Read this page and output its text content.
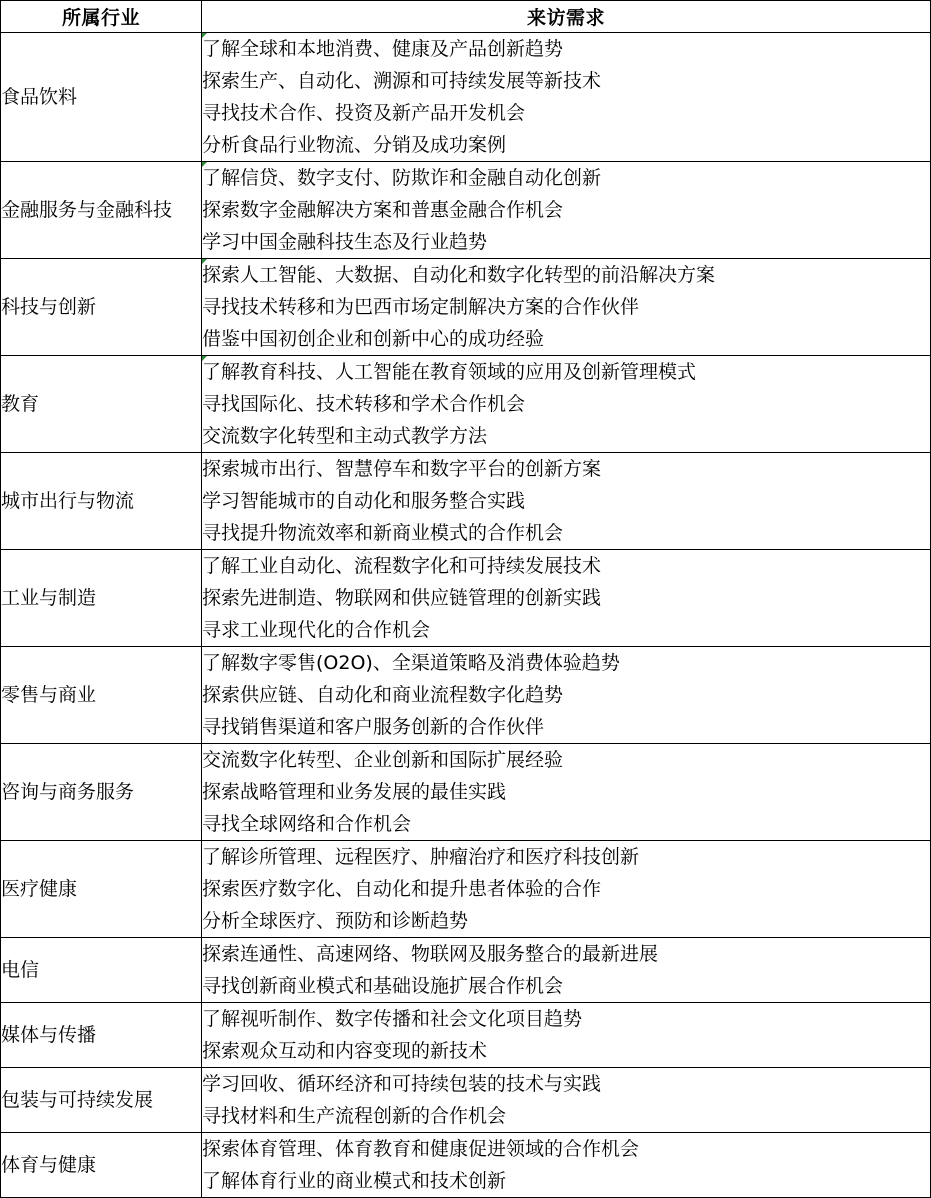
所属行业	来访需求
食品饮料	了解全球和本地消费、健康及产品创新趋势
探索生产、自动化、溯源和可持续发展等新技术
寻找技术合作、投资及新产品开发机会
分析食品行业物流、分销及成功案例

金融服务与金融科技	了解信贷、数字支付、防欺诈和金融自动化创新
探索数字金融解决方案和普惠金融合作机会
学习中国金融科技生态及行业趋势

科技与创新	探索人工智能、大数据、自动化和数字化转型的前沿解决方案
寻找技术转移和为巴西市场定制解决方案的合作伙伴
借鉴中国初创企业和创新中心的成功经验

教育	了解教育科技、人工智能在教育领域的应用及创新管理模式
寻找国际化、技术转移和学术合作机会
交流数字化转型和主动式教学方法

城市出行与物流	探索城市出行、智慧停车和数字平台的创新方案
学习智能城市的自动化和服务整合实践
寻找提升物流效率和新商业模式的合作机会

工业与制造	了解工业自动化、流程数字化和可持续发展技术
探索先进制造、物联网和供应链管理的创新实践
寻求工业现代化的合作机会

零售与商业	了解数字零售(O2O)、全渠道策略及消费体验趋势
探索供应链、自动化和商业流程数字化趋势
寻找销售渠道和客户服务创新的合作伙伴

咨询与商务服务	交流数字化转型、企业创新和国际扩展经验
探索战略管理和业务发展的最佳实践
寻找全球网络和合作机会

医疗健康	了解诊所管理、远程医疗、肿瘤治疗和医疗科技创新
探索医疗数字化、自动化和提升患者体验的合作
分析全球医疗、预防和诊断趋势

电信	探索连通性、高速网络、物联网及服务整合的最新进展
寻找创新商业模式和基础设施扩展合作机会

媒体与传播	了解视听制作、数字传播和社会文化项目趋势
探索观众互动和内容变现的新技术

包装与可持续发展	学习回收、循环经济和可持续包装的技术与实践
寻找材料和生产流程创新的合作机会

体育与健康	探索体育管理、体育教育和健康促进领域的合作机会
了解体育行业的商业模式和技术创新
